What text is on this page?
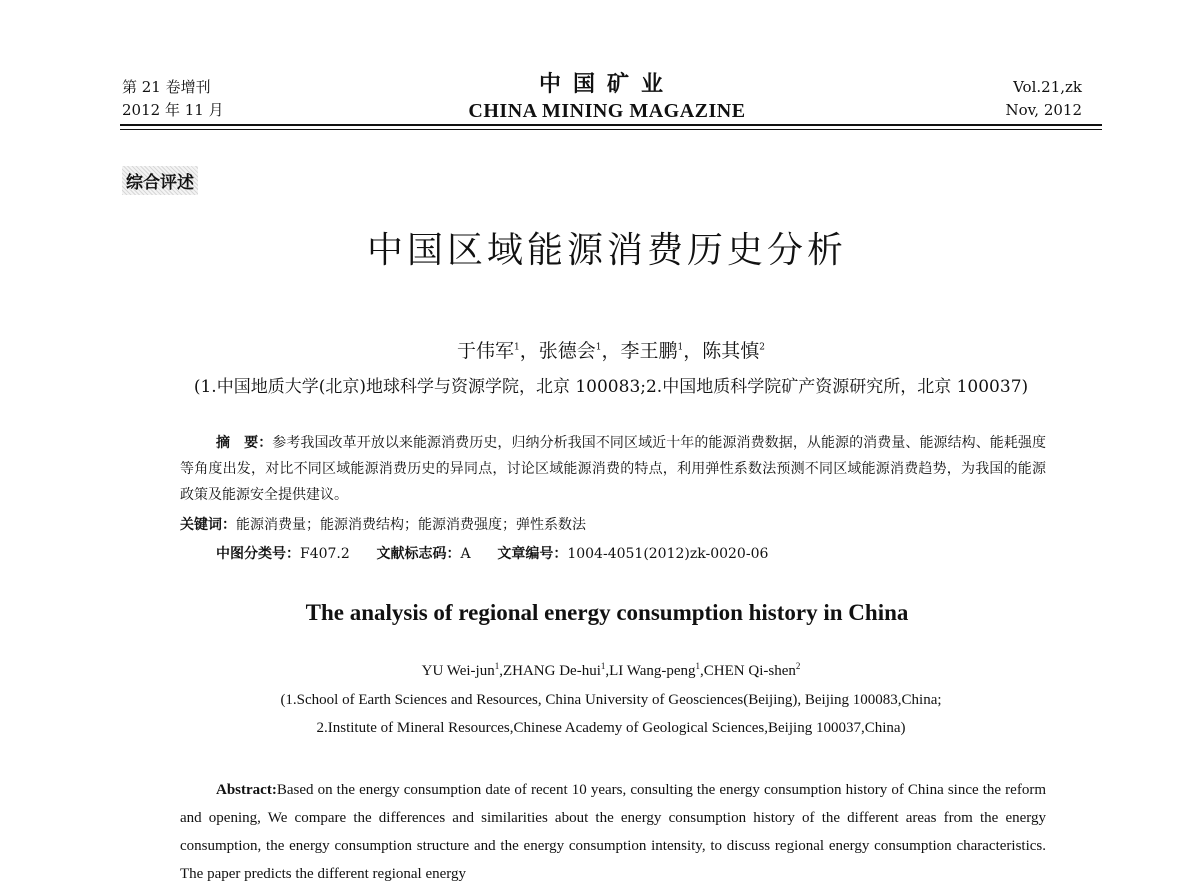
第 21 卷增刊
2012 年 11 月
中国矿业
CHINA MINING MAGAZINE
Vol.21,zk
Nov, 2012
综合评述
中国区域能源消费历史分析
于伟军$^1$，张德会$^1$，李王鹏$^1$，陈其慎$^2$
(1.中国地质大学(北京)地球科学与资源学院，北京 100083;2.中国地质科学院矿产资源研究所，北京 100037)
摘　要：参考我国改革开放以来能源消费历史，归纳分析我国不同区域近十年的能源消费数据，从能源的消费量、能源结构、能耗强度等角度出发，对比不同区域能源消费历史的异同点，讨论区域能源消费的特点，利用弹性系数法预测不同区域能源消费趋势，为我国的能源政策及能源安全提供建议。
关键词：能源消费量；能源消费结构；能源消费强度；弹性系数法
中图分类号：F407.2 文献标志码：A 文章编号：1004-4051(2012)zk-0020-06
The analysis of regional energy consumption history in China
YU Wei-jun$^1$,ZHANG De-hui$^1$,LI Wang-peng$^1$,CHEN Qi-shen$^2$
(1.School of Earth Sciences and Resources, China University of Geosciences(Beijing), Beijing 100083,China;
2.Institute of Mineral Resources,Chinese Academy of Geological Sciences,Beijing 100037,China)
Abstract:Based on the energy consumption date of recent 10 years, consulting the energy consumption history of China since the reform and opening, We compare the differences and similarities about the energy consumption history of the different areas from the energy consumption, the energy consumption structure and the energy consumption intensity, to discuss regional energy consumption characteristics. The paper predicts the different regional energy
